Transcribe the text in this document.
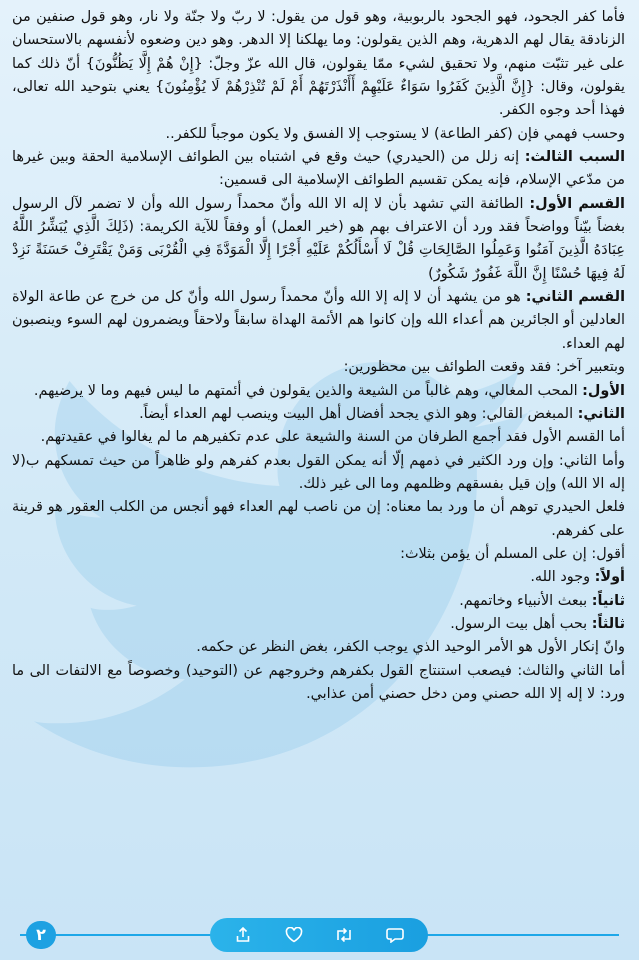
فأما كفر الجحود، فهو الجحود بالربوبية، وهو قول من يقول: لا ربّ ولا جنّة ولا نار، وهو قول صنفين من الزنادقة يقال لهم الدهرية، وهم الذين يقولون: وما يهلكنا إلا الدهر. وهو دين وضعوه لأنفسهم بالاستحسان على غير تثبّت منهم، ولا تحقيق لشيء ممّا يقولون، قال الله عزّ وجلّ: {إِنْ هُمْ إِلَّا يَظُنُّونَ} أنّ ذلك كما يقولون، وقال: {إِنَّ الَّذِينَ كَفَرُوا سَوَاءٌ عَلَيْهِمْ أَأَنْذَرْتَهُمْ أَمْ لَمْ تُنْذِرْهُمْ لَا يُؤْمِنُونَ} يعني بتوحيد الله تعالى، فهذا أحد وجوه الكفر.

وحسب فهمي فإن (كفر الطاعة) لا يستوجب إلا الفسق ولا يكون موجباً للكفر..

السبب الثالث: إنه زلل من (الحيدري) حيث وقع في اشتباه بين الطوائف الإسلامية الحقة وبين غيرها من مدّعي الإسلام، فإنه يمكن تقسيم الطوائف الإسلامية الى قسمين:

القسم الأول: الطائفة التي تشهد بأن لا إله الا الله وأنّ محمداً رسول الله وأن لا تضمر لآل الرسول بغضاً بيّناً وواضحاً فقد ورد أن الاعتراف بهم هو (خير العمل) أو وفقاً للآية الكريمة: (ذَلِكَ الَّذِي يُبَشِّرُ اللَّهُ عِبَادَهُ الَّذِينَ آمَنُوا وَعَمِلُوا الصَّالِحَاتِ قُلْ لَا أَسْأَلُكُمْ عَلَيْهِ أَجْرًا إِلَّا الْمَوَدَّةَ فِي الْقُرْبَى وَمَنْ يَقْتَرِفْ حَسَنَةً نَزِدْ لَهُ فِيهَا حُسْنًا إِنَّ اللَّهَ غَفُورٌ شَكُورٌ)

القسم الثاني: هو من يشهد أن لا إله إلا الله وأنّ محمداً رسول الله وأنّ كل من خرج عن طاعة الولاة العادلين أو الجائرين هم أعداء الله وإن كانوا هم الأئمة الهداة سابقاً ولاحقاً ويضمرون لهم السوء وينصبون لهم العداء.

وبتعبير آخر: فقد وقعت الطوائف بين محظورين:

الأول: المحب المغالي، وهم غالباً من الشيعة والذين يقولون في أئمتهم ما ليس فيهم وما لا يرضيهم.

الثاني: المبغض القالي: وهو الذي يجحد أفضال أهل البيت وينصب لهم العداء أيضاً.

أما القسم الأول فقد أجمع الطرفان من السنة والشيعة على عدم تكفيرهم ما لم يغالوا في عقيدتهم.

وأما الثاني: وإن ورد الكثير في ذمهم إلّا أنه يمكن القول بعدم كفرهم ولو ظاهراً من حيث تمسكهم ب(لا إله الا الله) وإن قيل بفسقهم وظلمهم وما الى غير ذلك.

فلعل الحيدري توهم أن ما ورد بما معناه: إن من ناصب لهم العداء فهو أنجس من الكلب العقور هو قرينة على كفرهم.

أقول: إن على المسلم أن يؤمن بثلاث:

أولاً: وجود الله.

ثانياً: ببعث الأنبياء وخاتمهم.

ثالثاً: بحب أهل بيت الرسول.

وانّ إنكار الأول هو الأمر الوحيد الذي يوجب الكفر، بغض النظر عن حكمه.

أما الثاني والثالث: فيصعب استنتاج القول بكفرهم وخروجهم عن (التوحيد) وخصوصاً مع الالتفات الى ما ورد: لا إله إلا الله حصني ومن دخل حصني أمن عذابي.

٢
